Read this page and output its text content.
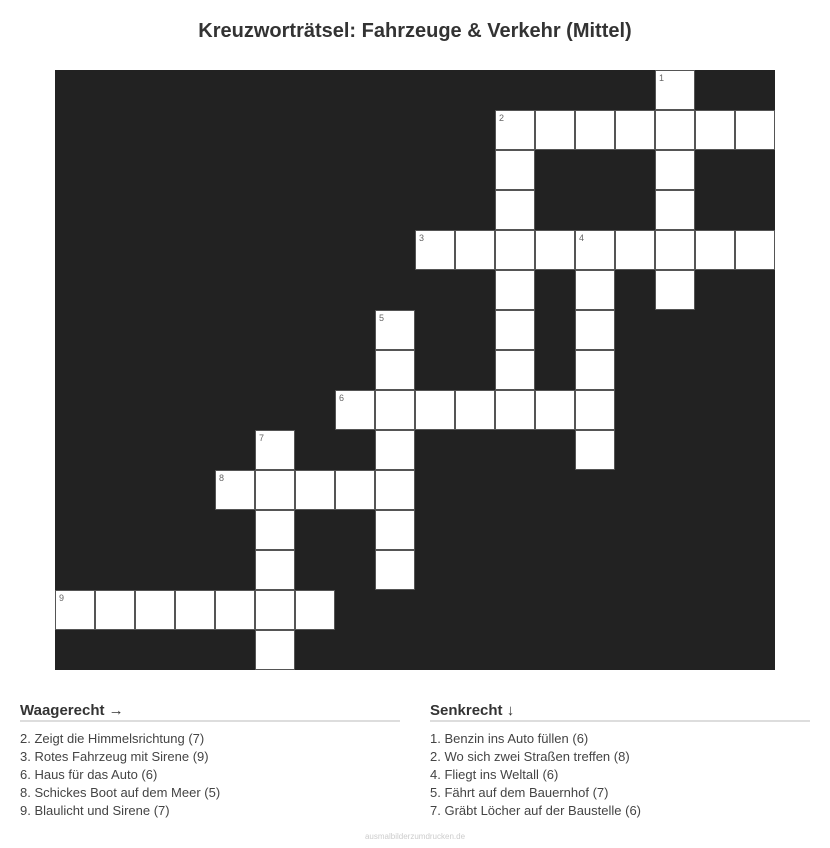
Kreuzworträtsel: Fahrzeuge & Verkehr (Mittel)
1
2
3	4
5
6
7
8
9
Waagerecht →
2. Zeigt die Himmelsrichtung (7)
3. Rotes Fahrzeug mit Sirene (9)
6. Haus für das Auto (6)
8. Schickes Boot auf dem Meer (5)
9. Blaulicht und Sirene (7)
Senkrecht ↓
1. Benzin ins Auto füllen (6)
2. Wo sich zwei Straßen treffen (8)
4. Fliegt ins Weltall (6)
5. Fährt auf dem Bauernhof (7)
7. Gräbt Löcher auf der Baustelle (6)
ausmalbilderzumdrucken.de
